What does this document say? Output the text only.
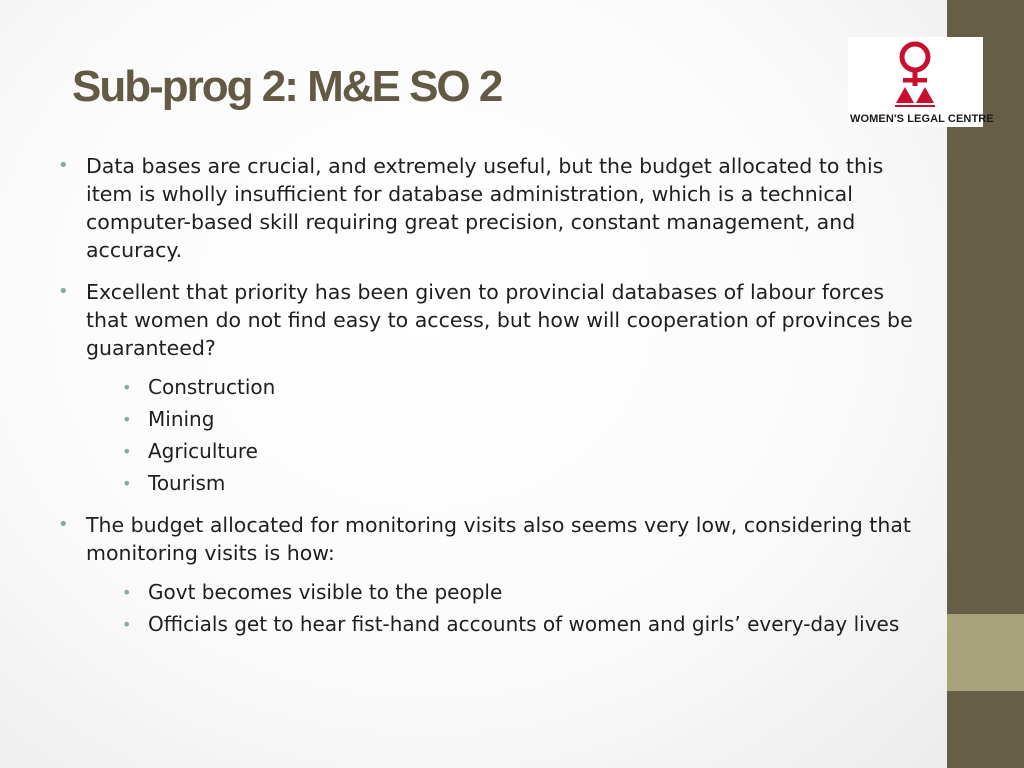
Sub-prog 2: M&E SO 2
WOMEN'S LEGAL CENTRE
• Data bases are crucial, and extremely useful, but the budget allocated to this item is wholly insufficient for database administration, which is a technical computer-based skill requiring great precision, constant management, and accuracy.
• Excellent that priority has been given to provincial databases of labour forces that women do not find easy to access, but how will cooperation of provinces be guaranteed?
• Construction
• Mining
• Agriculture
• Tourism
• The budget allocated for monitoring visits also seems very low, considering that monitoring visits is how:
• Govt becomes visible to the people
• Officials get to hear fist-hand accounts of women and girls’ every-day lives
